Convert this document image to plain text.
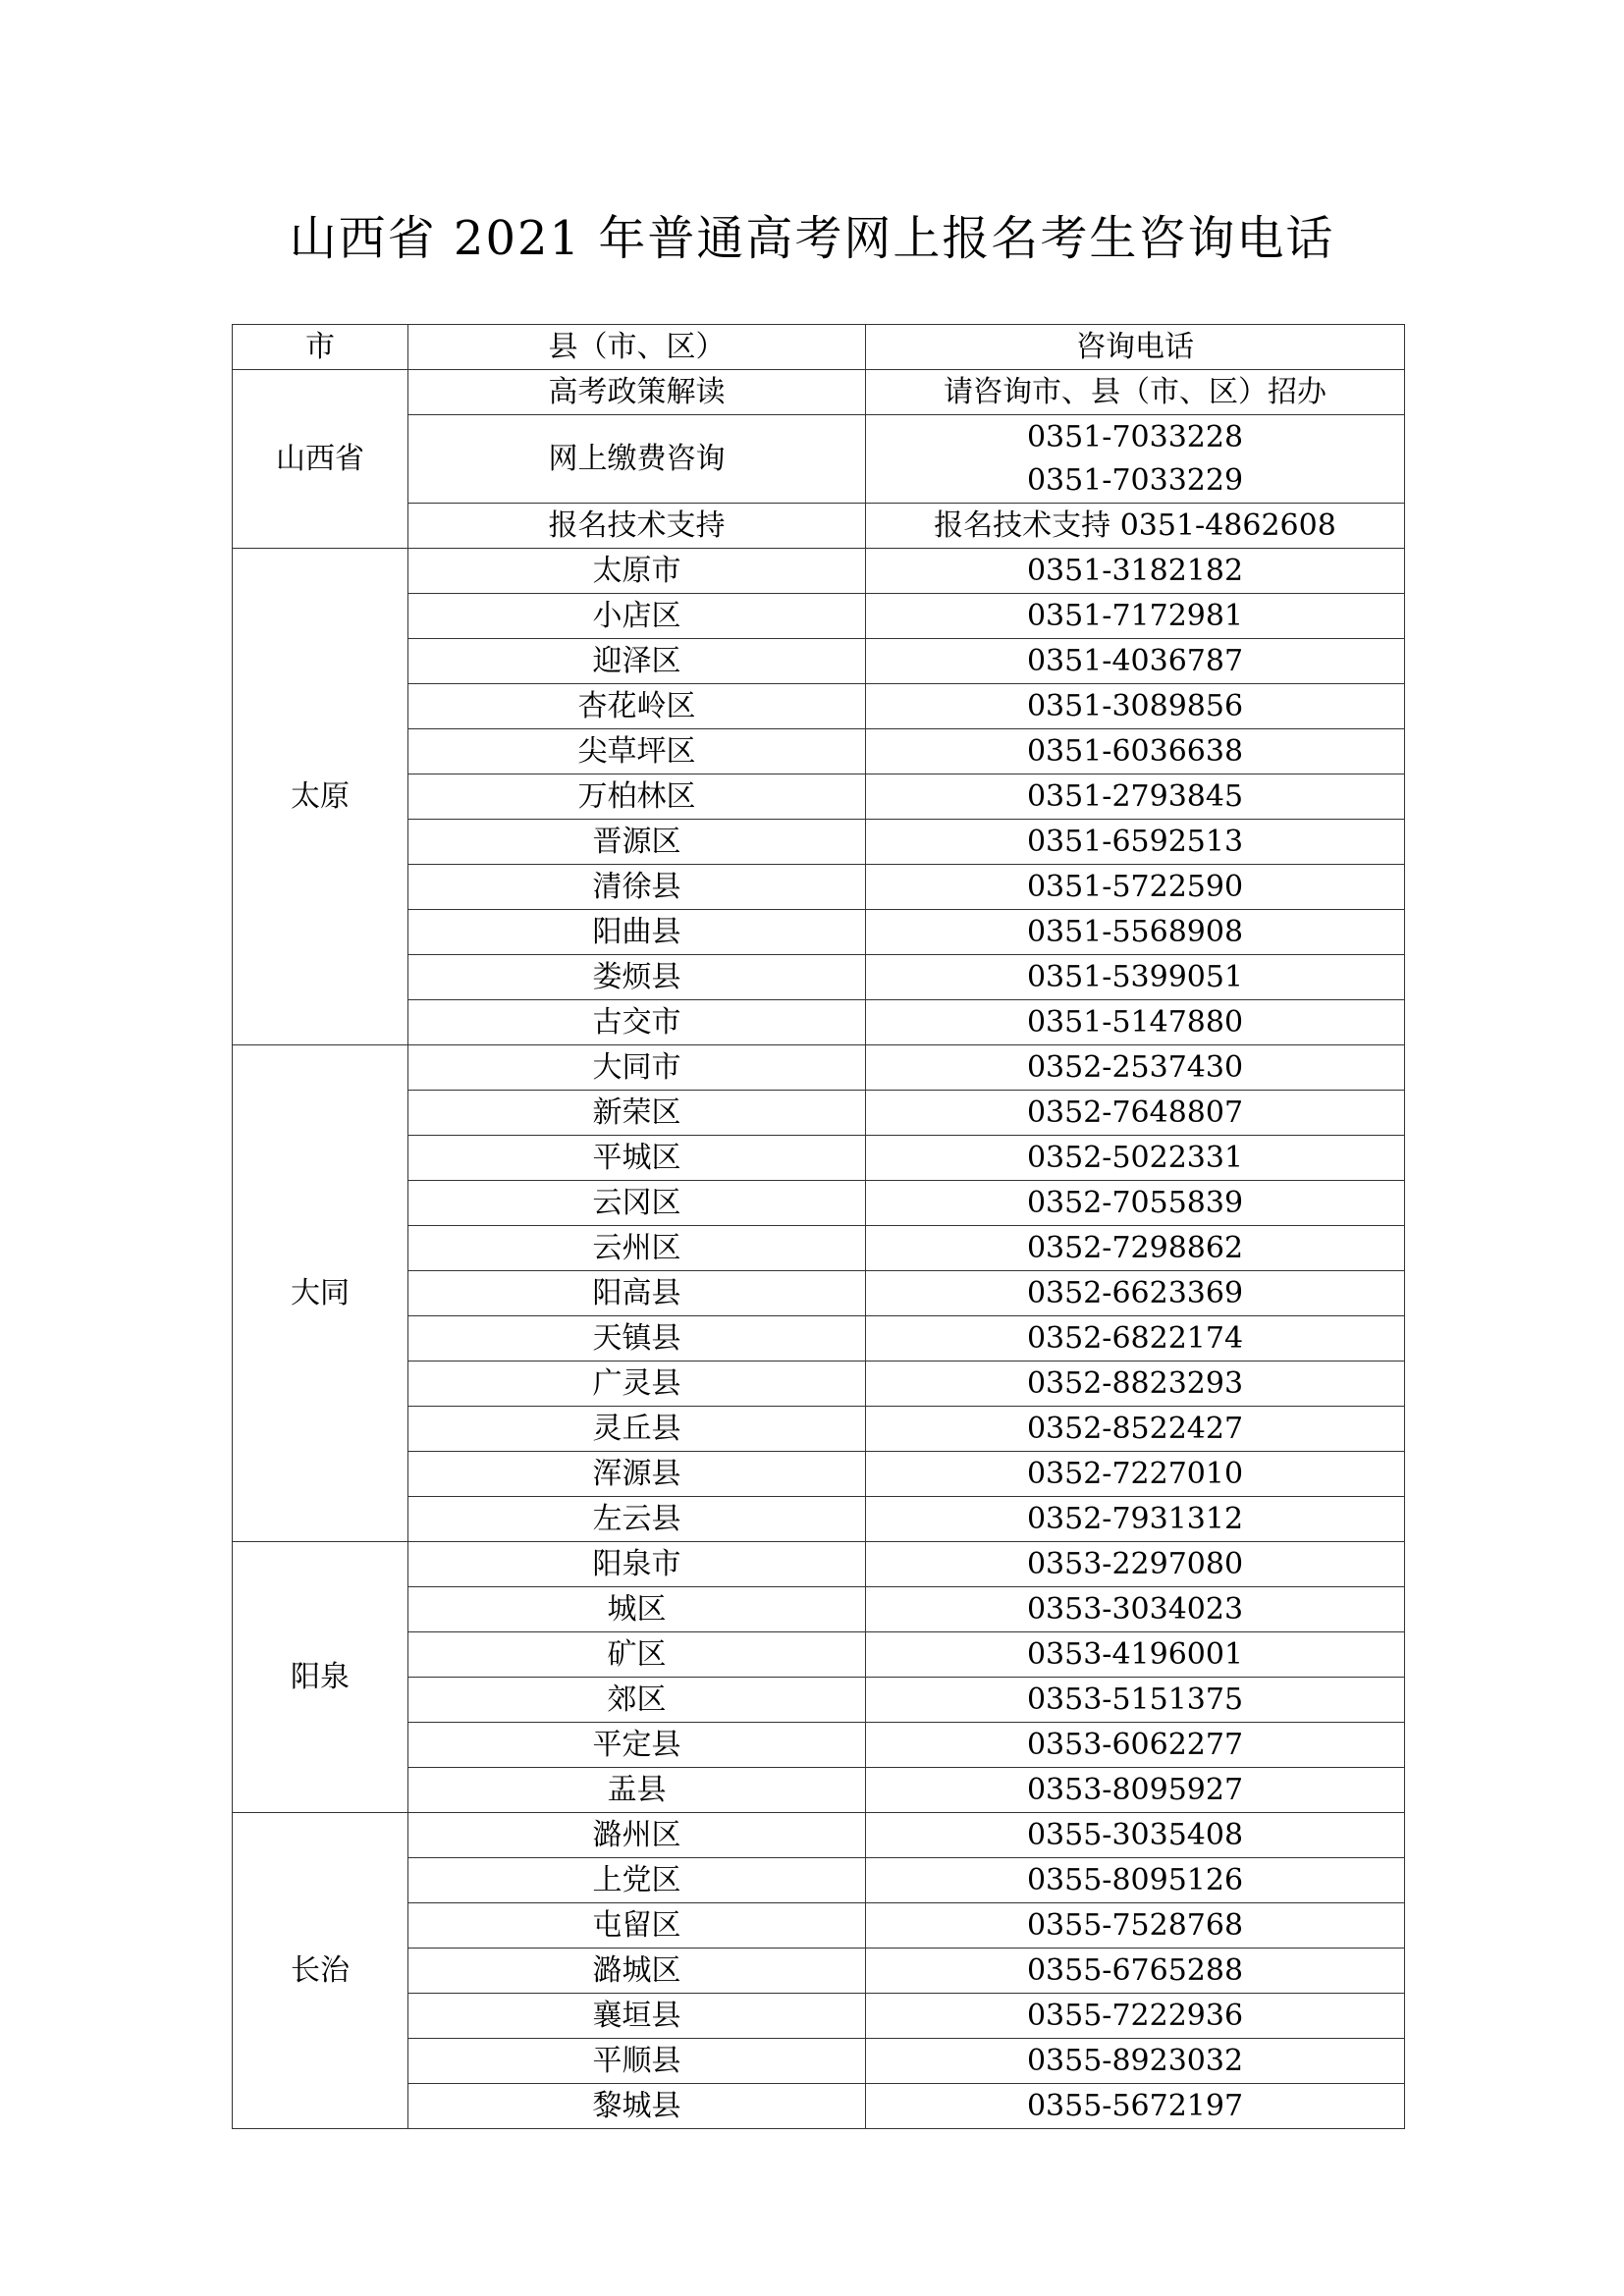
山西省 2021 年普通高考网上报名考生咨询电话
市	县（市、区）	咨询电话
山西省	高考政策解读	请咨询市、县（市、区）招办
	网上缴费咨询	0351-7033228
0351-7033229

	报名技术支持	报名技术支持 0351-4862608
太原	太原市	0351-3182182
	小店区	0351-7172981
	迎泽区	0351-4036787
	杏花岭区	0351-3089856
	尖草坪区	0351-6036638
	万柏林区	0351-2793845
	晋源区	0351-6592513
	清徐县	0351-5722590
	阳曲县	0351-5568908
	娄烦县	0351-5399051
	古交市	0351-5147880
大同	大同市	0352-2537430
	新荣区	0352-7648807
	平城区	0352-5022331
	云冈区	0352-7055839
	云州区	0352-7298862
	阳高县	0352-6623369
	天镇县	0352-6822174
	广灵县	0352-8823293
	灵丘县	0352-8522427
	浑源县	0352-7227010
	左云县	0352-7931312
阳泉	阳泉市	0353-2297080
	城区	0353-3034023
	矿区	0353-4196001
	郊区	0353-5151375
	平定县	0353-6062277
	盂县	0353-8095927
长治	潞州区	0355-3035408
	上党区	0355-8095126
	屯留区	0355-7528768
	潞城区	0355-6765288
	襄垣县	0355-7222936
	平顺县	0355-8923032
	黎城县	0355-5672197
